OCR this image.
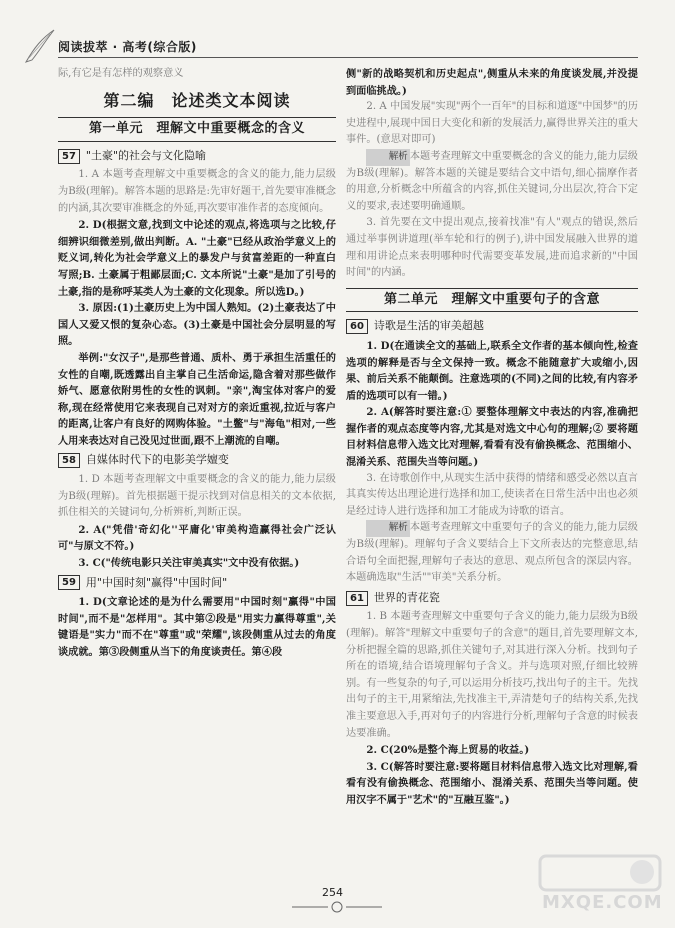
阅读拔萃 · 高考(综合版)

际,有它是有怎样的观察意义

第二编　论述类文本阅读
第一单元　理解文中重要概念的含义
57 "土豪"的社会与文化隐喻

1. A 本题考查理解文中重要概念的含义的能力,能力层级为B级(理解)。解答本题的思路是:先审好题干,首先要审准概念的内涵,其次要审准概念的外延,再次要审准作者的态度倾向。

2. D(根据文意,找到文中论述的观点,将选项与之比较,仔细辨识细微差别,做出判断。A. "土豪"已经从政治学意义上的贬义词,转化为社会学意义上的暴发户与贫富差距的一种直白写照;B. 土豪属于粗鄙层面;C. 文本所说"土豪"是加了引号的土豪,指的是称呼某类人为土豪的文化现象。所以选D。)

3. 原因:(1)土豪历史上为中国人熟知。(2)土豪表达了中国人又爱又恨的复杂心态。(3)土豪是中国社会分层明显的写照。

举例:"女汉子",是那些普通、质朴、勇于承担生活重任的女性的自嘲,既透露出自主掌自己生活命运,隐含着对那些做作娇气、愿意依附男性的女性的讽刺。"亲",淘宝体对客户的爱称,现在经常使用它来表现自己对对方的亲近重视,拉近与客户的距离,让客户有良好的网购体验。"土鳖"与"海龟"相对,一些人用来表达对自己没见过世面,跟不上潮流的自嘲。

58 自媒体时代下的电影美学嬗变

1. D 本题考查理解文中重要概念的含义的能力,能力层级为B级(理解)。首先根据题干提示找到对信息相关的文本依据,抓住相关的关键词句,分析辨析,判断正误。

2. A("凭借'奇幻化''平庸化'审美构造赢得社会广泛认可"与原文不符。)

3. C("传统电影只关注审美真实"文中没有依据。)

59 用"中国时刻"赢得"中国时间"

1. D(文章论述的是为什么需要用"中国时刻"赢得"中国时间",而不是"怎样用"。其中第②段是"用实力赢得尊重",关键语是"实力"而不在"尊重"或"荣耀",该段侧重从过去的角度谈成就。第③段侧重从当下的角度谈责任。第④段

侧"新的战略契机和历史起点",侧重从未来的角度谈发展,并没提到面临挑战。)

2. A 中国发展"实现"两个一百年"的目标和道逐"中国梦"的历史进程中,展现中国日大变化和新的发展活力,赢得世界关注的重大事件。(意思对即可)

解析 本题考查理解文中重要概念的含义的能力,能力层级为B级(理解)。解答本题的关键是要结合文中语句,细心揣摩作者的用意,分析概念中所蕴含的内容,抓住关键词,分出层次,符合下定义的要求,表述要明确通顺。

3. 首先要在文中提出观点,接着找准"有人"观点的错误,然后通过举事例讲道理(举车轮和行的例子),讲中国发展融入世界的道理和用讲论点来表明哪种时代需要变革发展,进而追求新的"中国时间"的内涵。

第二单元　理解文中重要句子的含意
60 诗歌是生活的审美超越

1. D(在通读全文的基础上,联系全文作者的基本倾向性,检查选项的解释是否与全文保持一致。概念不能随意扩大或缩小,因果、前后关系不能颠倒。注意选项的(不同)之间的比较,有内容矛盾的选项可以有一错。)

2. A(解答时要注意:① 要整体理解文中表达的内容,准确把握作者的观点态度等内容,尤其是对选文中心句的理解;② 要将题目材料信息带入选文比对理解,看看有没有偷换概念、范围缩小、混淆关系、范围失当等问题。)

3. 在诗歌创作中,从现实生活中获得的情绪和感受必然以直言其真实传达出理论进行选择和加工,使读者在日常生活中出也必须是经过诗人进行选择和加工才能成为诗歌的语言。

解析 本题考查理解文中重要句子的含义的能力,能力层级为B级(理解)。理解句子含义要结合上下文所表达的完整意思,结合语句全面把握,理解句子表达的意思、观点所包含的深层内容。本题确选取"生活""审美"关系分析。

61 世界的青花瓷

1. B 本题考查理解文中重要句子含义的能力,能力层级为B级(理解)。解答"理解文中重要句子的含意"的题目,首先要理解文本,分析把握全篇的思路,抓住关键句子,对其进行深入分析。找到句子所在的语境,结合语境理解句子含义。并与选项对照,仔细比较辨别。有一些复杂的句子,可以运用分析技巧,找出句子的主干。先找出句子的主干,用紧缩法,先找准主干,弄清楚句子的结构关系,先找准主要意思入手,再对句子的内容进行分析,理解句子含意的时候表达要准确。

2. C(20%是整个海上贸易的收益。)

3. C(解答时要注意:要将题目材料信息带入选文比对理解,看看有没有偷换概念、范围缩小、混淆关系、范围失当等问题。使用汉字不属于"艺术"的"互融互鉴"。)

254	MXQE.COM
